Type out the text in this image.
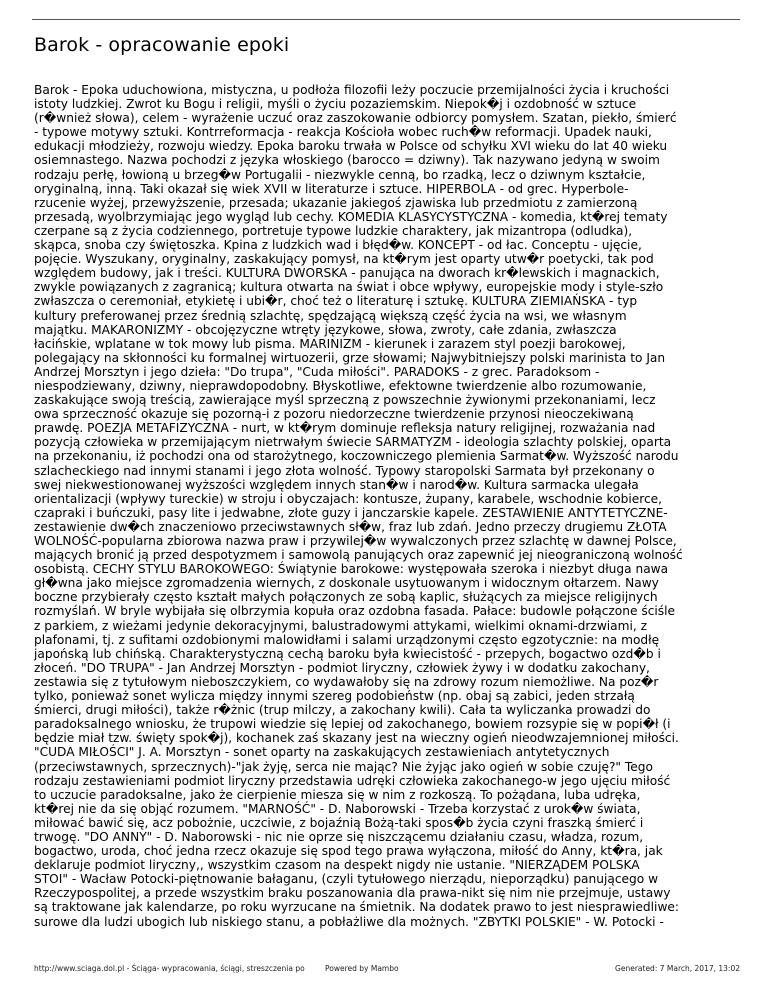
Barok - opracowanie epoki
Barok - Epoka uduchowiona, mistyczna, u podłoża filozofii leży poczucie przemijalności życia i kruchości
istoty ludzkiej. Zwrot ku Bogu i religii, myśli o życiu pozaziemskim. Niepok�j i ozdobność w sztuce
(r�wnież słowa), celem - wyrażenie uczuć oraz zaszokowanie odbiorcy pomysłem. Szatan, piekło, śmierć
- typowe motywy sztuki. Kontrreformacja - reakcja Kościoła wobec ruch�w reformacji. Upadek nauki,
edukacji młodzieży, rozwoju wiedzy. Epoka baroku trwała w Polsce od schyłku XVI wieku do lat 40 wieku
osiemnastego. Nazwa pochodzi z języka włoskiego (barocco = dziwny). Tak nazywano jedyną w swoim
rodzaju perłę, łowioną u brzeg�w Portugalii - niezwykle cenną, bo rzadką, lecz o dziwnym kształcie,
oryginalną, inną. Taki okazał się wiek XVII w literaturze i sztuce. HIPERBOLA - od grec. Hyperbole-
rzucenie wyżej, przewyższenie, przesada; ukazanie jakiegoś zjawiska lub przedmiotu z zamierzoną
przesadą, wyolbrzymiając jego wygląd lub cechy. KOMEDIA KLASYCYSTYCZNA - komedia, kt�rej tematy
czerpane są z życia codziennego, portretuje typowe ludzkie charaktery, jak mizantropa (odludka),
skąpca, snoba czy świętoszka. Kpina z ludzkich wad i błęd�w. KONCEPT - od łac. Conceptu - ujęcie,
pojęcie. Wyszukany, oryginalny, zaskakujący pomysł, na kt�rym jest oparty utw�r poetycki, tak pod
względem budowy, jak i treści. KULTURA DWORSKA - panująca na dworach kr�lewskich i magnackich,
zwykle powiązanych z zagranicą; kultura otwarta na świat i obce wpływy, europejskie mody i style-szło
zwłaszcza o ceremoniał, etykietę i ubi�r, choć też o literaturę i sztukę. KULTURA ZIEMIAŃSKA - typ
kultury preferowanej przez średnią szlachtę, spędzającą większą część życia na wsi, we własnym
majątku. MAKARONIZMY - obcojęzyczne wtręty językowe, słowa, zwroty, całe zdania, zwłaszcza
łacińskie, wplatane w tok mowy lub pisma. MARINIZM - kierunek i zarazem styl poezji barokowej,
polegający na skłonności ku formalnej wirtuozerii, grze słowami; Najwybitniejszy polski marinista to Jan
Andrzej Morsztyn i jego dzieła: "Do trupa", "Cuda miłości". PARADOKS - z grec. Paradoksom -
niespodziewany, dziwny, nieprawdopodobny. Błyskotliwe, efektowne twierdzenie albo rozumowanie,
zaskakujące swoją treścią, zawierające myśl sprzeczną z powszechnie żywionymi przekonaniami, lecz
owa sprzeczność okazuje się pozorną-i z pozoru niedorzeczne twierdzenie przynosi nieoczekiwaną
prawdę. POEZJA METAFIZYCZNA - nurt, w kt�rym dominuje refleksja natury religijnej, rozważania nad
pozycją człowieka w przemijającym nietrwałym świecie SARMATYZM - ideologia szlachty polskiej, oparta
na przekonaniu, iż pochodzi ona od starożytnego, koczowniczego plemienia Sarmat�w. Wyższość narodu
szlacheckiego nad innymi stanami i jego złota wolność. Typowy staropolski Sarmata był przekonany o
swej niekwestionowanej wyższości względem innych stan�w i narod�w. Kultura sarmacka ulegała
orientalizacji (wpływy tureckie) w stroju i obyczajach: kontusze, żupany, karabele, wschodnie kobierce,
czapraki i buńczuki, pasy lite i jedwabne, złote guzy i janczarskie kapele. ZESTAWIENIE ANTYTETYCZNE-
zestawienie dw�ch znaczeniowo przeciwstawnych sł�w, fraz lub zdań. Jedno przeczy drugiemu ZŁOTA
WOLNOŚĆ-popularna zbiorowa nazwa praw i przywilej�w wywalczonych przez szlachtę w dawnej Polsce,
mających bronić ją przed despotyzmem i samowolą panujących oraz zapewnić jej nieograniczoną wolność
osobistą. CECHY STYLU BAROKOWEGO: Świątynie barokowe: występowała szeroka i niezbyt długa nawa
gł�wna jako miejsce zgromadzenia wiernych, z doskonale usytuowanym i widocznym ołtarzem. Nawy
boczne przybierały często kształt małych połączonych ze sobą kaplic, służących za miejsce religijnych
rozmyślań. W bryle wybijała się olbrzymia kopuła oraz ozdobna fasada. Pałace: budowle połączone ściśle
z parkiem, z wieżami jedynie dekoracyjnymi, balustradowymi attykami, wielkimi oknami-drzwiami, z
plafonami, tj. z sufitami ozdobionymi malowidłami i salami urządzonymi często egzotycznie: na modłę
japońską lub chińską. Charakterystyczną cechą baroku była kwiecistość - przepych, bogactwo ozd�b i
złoceń. "DO TRUPA" - Jan Andrzej Morsztyn - podmiot liryczny, człowiek żywy i w dodatku zakochany,
zestawia się z tytułowym nieboszczykiem, co wydawałoby się na zdrowy rozum niemożliwe. Na poz�r
tylko, ponieważ sonet wylicza między innymi szereg podobieństw (np. obaj są zabici, jeden strzałą
śmierci, drugi miłości), także r�żnic (trup milczy, a zakochany kwili). Cała ta wyliczanka prowadzi do
paradoksalnego wniosku, że trupowi wiedzie się lepiej od zakochanego, bowiem rozsypie się w popi�ł (i
będzie miał tzw. święty spok�j), kochanek zaś skazany jest na wieczny ogień nieodwzajemnionej miłości.
"CUDA MIŁOŚCI" J. A. Morsztyn - sonet oparty na zaskakujących zestawieniach antytetycznych
(przeciwstawnych, sprzecznych)-"jak żyję, serca nie mając? Nie żyjąc jako ogień w sobie czuję?" Tego
rodzaju zestawieniami podmiot liryczny przedstawia udręki człowieka zakochanego-w jego ujęciu miłość
to uczucie paradoksalne, jako że cierpienie miesza się w nim z rozkoszą. To pożądana, luba udręka,
kt�rej nie da się objąć rozumem. "MARNOŚĆ" - D. Naborowski - Trzeba korzystać z urok�w świata,
miłować bawić się, acz pobożnie, uczciwie, z bojaźnią Bożą-taki spos�b życia czyni fraszką śmierć i
trwogę. "DO ANNY" - D. Naborowski - nic nie oprze się niszczącemu działaniu czasu, władza, rozum,
bogactwo, uroda, choć jedna rzecz okazuje się spod tego prawa wyłączona, miłość do Anny, kt�ra, jak
deklaruje podmiot liryczny,, wszystkim czasom na despekt nigdy nie ustanie. "NIERZĄDEM POLSKA
STOI" - Wacław Potocki-piętnowanie bałaganu, (czyli tytułowego nierządu, nieporządku) panującego w
Rzeczypospolitej, a przede wszystkim braku poszanowania dla prawa-nikt się nim nie przejmuje, ustawy
są traktowane jak kalendarze, po roku wyrzucane na śmietnik. Na dodatek prawo to jest niesprawiedliwe:
surowe dla ludzi ubogich lub niskiego stanu, a pobłażliwe dla możnych. "ZBYTKI POLSKIE" - W. Potocki -
http://www.sciaga.dol.pl - Ściąga- wypracowania, ściągi, streszczenia po	Powered by Mambo	Generated: 7 March, 2017, 13:02
